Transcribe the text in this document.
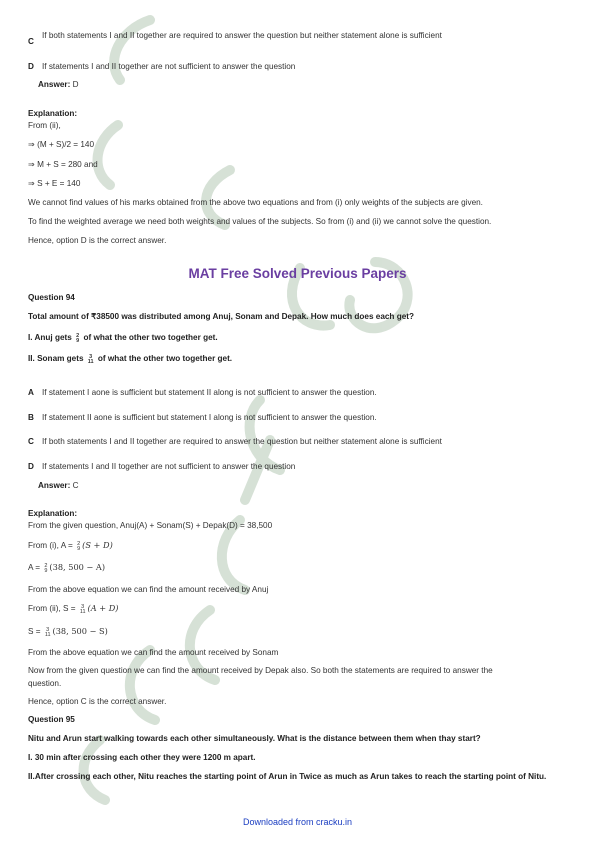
C
If both statements I and II together are required to answer the question but neither statement alone is sufficient
D If statements I and II together are not sufficient to answer the question
Answer: D
Explanation:
From (ii),
⇒ (M + S)/2 = 140
⇒ M + S = 280 and
⇒ S + E = 140
We cannot find values of his marks obtained from the above two equations and from (i) only weights of the subjects are given.
To find the weighted average we need both weights and values of the subjects. So from (i) and (ii) we cannot solve the question.
Hence, option D is the correct answer.
MAT Free Solved Previous Papers
Question 94
Total amount of ₹38500 was distributed among Anuj, Sonam and Depak. How much does each get?
I. Anuj gets 2
9 of what the other two together get.
II. Sonam gets 3
11 of what the other two together get.
A If statement I aone is sufficient but statement II along is not sufficient to answer the question.
B If statement II aone is sufficient but statement I along is not sufficient to answer the question.
C If both statements I and II together are required to answer the question but neither statement alone is sufficient
D If statements I and II together are not sufficient to answer the question
Answer: C
Explanation:
From the given question, Anuj(A) + Sonam(S) + Depak(D) = 38,500
From (i), A = 2
9 (S + D)
A = 2
9 (38, 500 − A)
From the above equation we can find the amount received by Anuj
From (ii), S = 3
11 (A + D)
S = 3
11 (38, 500 − S)
From the above equation we can find the amount received by Sonam
Now from the given question we can find the amount received by Depak also. So both the statements are required to answer the
question.
Hence, option C is the correct answer.
Question 95
Nitu and Arun start walking towards each other simultaneously. What is the distance between them when thay start?
I. 30 min after crossing each other they were 1200 m apart.
II.After crossing each other, Nitu reaches the starting point of Arun in Twice as much as Arun takes to reach the starting point of Nitu.
Downloaded from cracku.in
